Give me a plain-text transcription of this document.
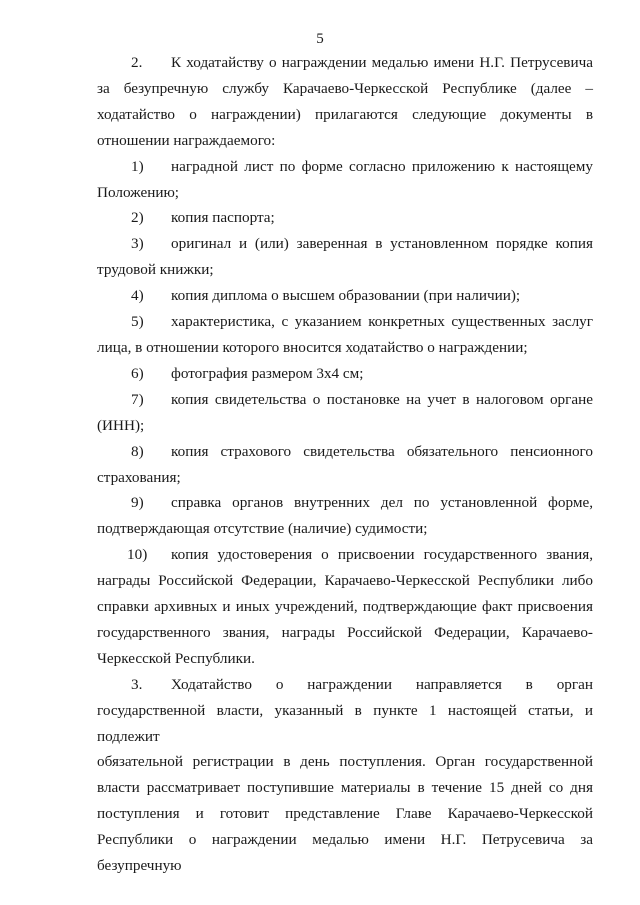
5
2.	К ходатайству о награждении медалью имени Н.Г. Петрусевича
за безупречную службу Карачаево-Черкесской Республике (далее –
ходатайство о награждении) прилагаются следующие документы в
отношении награждаемого:
1)	наградной лист по форме согласно приложению к настоящему
Положению;
2)	копия паспорта;
3)	оригинал и (или) заверенная в установленном порядке копия
трудовой книжки;
4)	копия диплома о высшем образовании (при наличии);
5)	характеристика, с указанием конкретных существенных заслуг
лица, в отношении которого вносится ходатайство о награждении;
6)	фотография размером 3х4 см;
7)	копия свидетельства о постановке на учет в налоговом органе
(ИНН);
8)	копия страхового свидетельства обязательного пенсионного
страхования;
9)	справка органов внутренних дел по установленной форме,
подтверждающая отсутствие (наличие) судимости;
10)	копия удостоверения о присвоении государственного звания,
награды Российской Федерации, Карачаево-Черкесской Республики либо
справки архивных и иных учреждений, подтверждающие факт присвоения
государственного звания, награды Российской Федерации, Карачаево-
Черкесской Республики.
3.	Ходатайство о награждении направляется в орган
государственной власти, указанный в пункте 1 настоящей статьи, и подлежит
обязательной регистрации в день поступления. Орган государственной
власти рассматривает поступившие материалы в течение 15 дней со дня
поступления и готовит представление Главе Карачаево-Черкесской
Республики о награждении медалью имени Н.Г. Петрусевича за безупречную
